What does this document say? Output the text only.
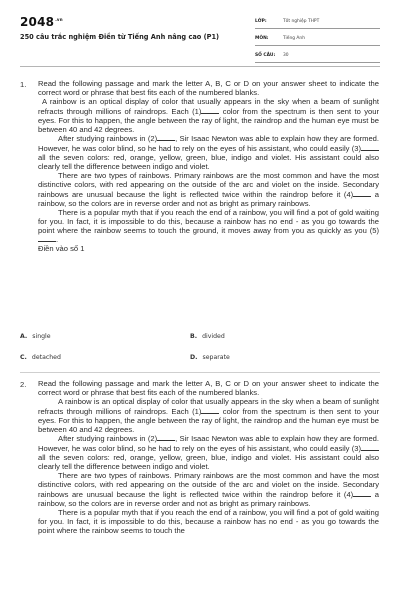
$2048^{.vn}$
250 câu trắc nghiệm Điền từ Tiếng Anh nâng cao (P1)
LỚP:	Tốt nghiệp THPT
MÔN:	Tiếng Anh
SỐ CÂU: 30
1. Read the following passage and mark the letter A, B, C or D on your answer sheet to indicate the correct word or phrase that best fits each of the numbered blanks.

A rainbow is an optical display of color that usually appears in the sky when a beam of sunlight refracts through millions of raindrops. Each (1) color from the spectrum is then sent to your eyes. For this to happen, the angle between the ray of light, the raindrop and the human eye must be between 40 and 42 degrees.

After studying rainbows in (2) , Sir Isaac Newton was able to explain how they are formed. However, he was color blind, so he had to rely on the eyes of his assistant, who could easily (3)all the seven colors: red, orange, yellow, green, blue, indigo and violet. His assistant could also clearly tell the difference between indigo and violet.

There are two types of rainbows. Primary rainbows are the most common and have the most distinctive colors, with red appearing on the outside of the arc and violet on the inside. Secondary rainbows are unusual because the light is reflected twice within the raindrop before it (4) a rainbow, so the colors are in reverse order and not as bright as primary rainbows.

There is a popular myth that if you reach the end of a rainbow, you will find a pot of gold waiting for you. In fact, it is impossible to do this, because a rainbow has no end - as you go towards the point where the rainbow seems to touch the ground, it moves away from you as quickly as you (5).

Điền vào số 1

A. single	B. divided
C. detached	D. separate
2. Read the following passage and mark the letter A, B, C or D on your answer sheet to indicate the correct word or phrase that best fits each of the numbered blanks.

A rainbow is an optical display of color that usually appears in the sky when a beam of sunlight refracts through millions of raindrops. Each (1) color from the spectrum is then sent to your eyes. For this to happen, the angle between the ray of light, the raindrop and the human eye must be between 40 and 42 degrees.

After studying rainbows in (2) , Sir Isaac Newton was able to explain how they are formed. However, he was color blind, so he had to rely on the eyes of his assistant, who could easily (3)all the seven colors: red, orange, yellow, green, blue, indigo and violet. His assistant could also clearly tell the difference between indigo and violet.

There are two types of rainbows. Primary rainbows are the most common and have the most distinctive colors, with red appearing on the outside of the arc and violet on the inside. Secondary rainbows are unusual because the light is reflected twice within the raindrop before it (4) a rainbow, so the colors are in reverse order and not as bright as primary rainbows.

There is a popular myth that if you reach the end of a rainbow, you will find a pot of gold waiting for you. In fact, it is impossible to do this, because a rainbow has no end - as you go towards the point where the rainbow seems to touch the
